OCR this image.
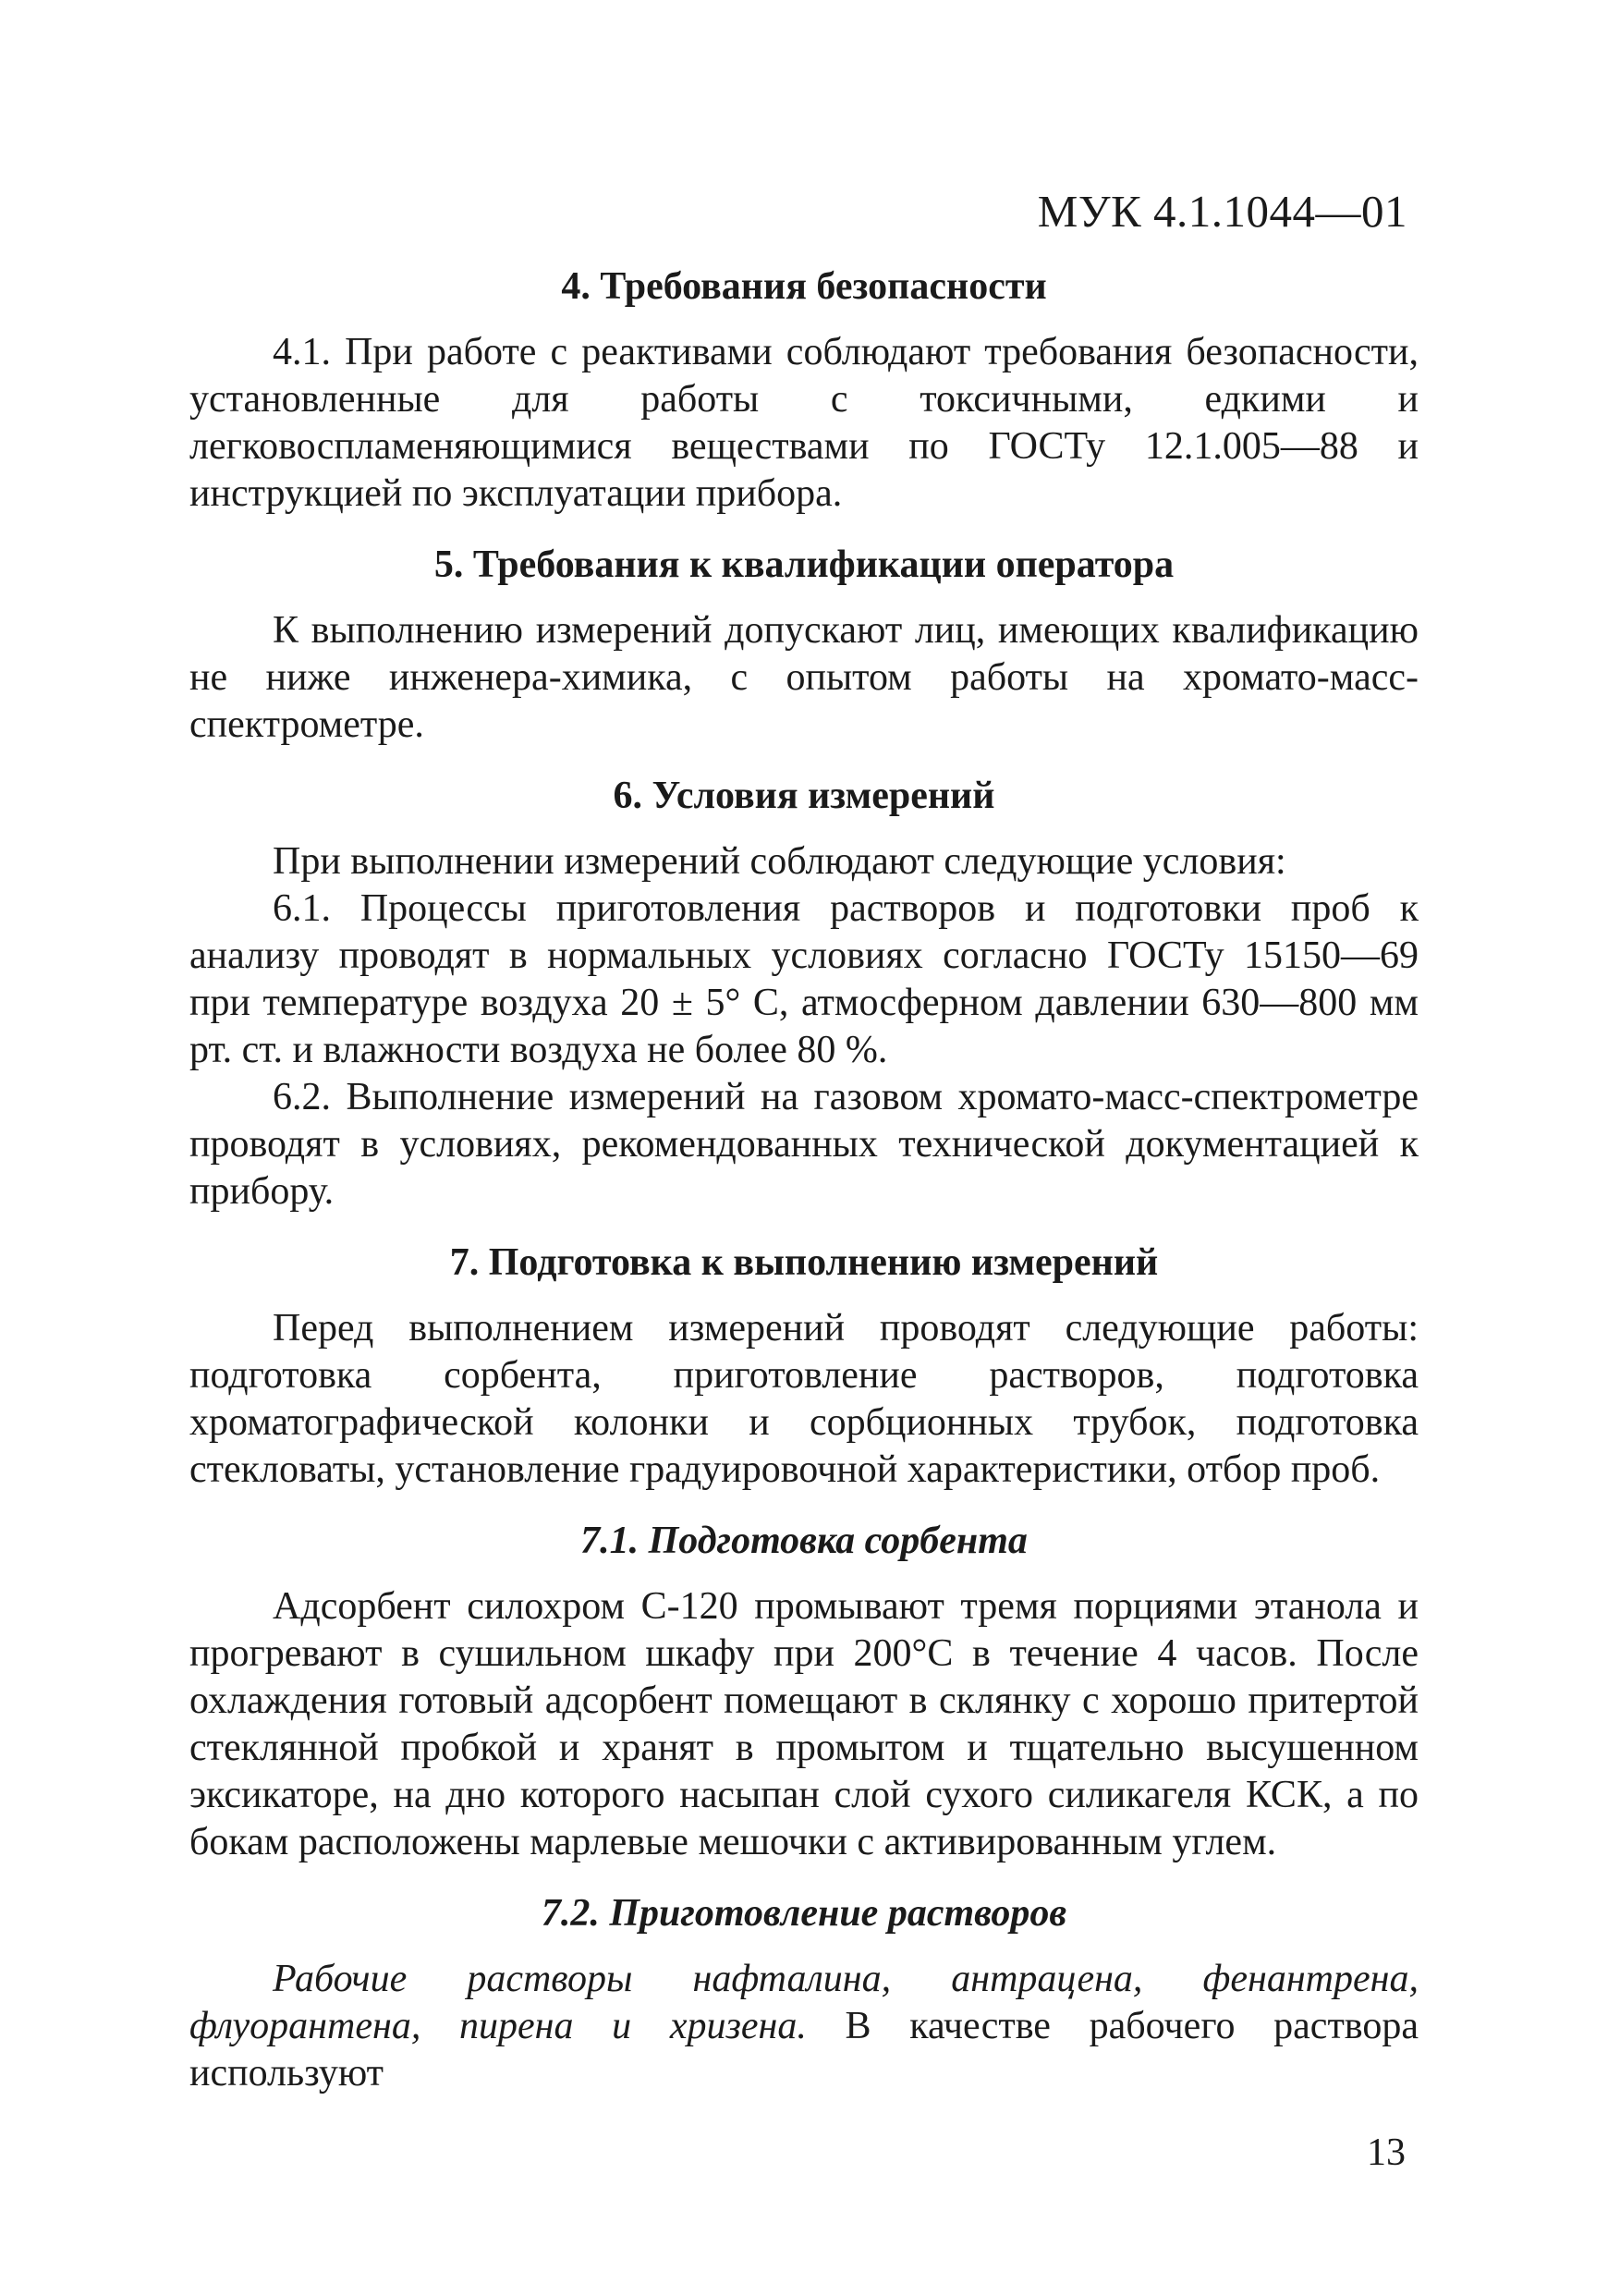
МУК 4.1.1044—01
4. Требования безопасности

4.1. При работе с реактивами соблюдают требования безопасности, установленные для работы с токсичными, едкими и легковоспламеняющимися веществами по ГОСТу 12.1.005—88 и инструкцией по эксплуатации прибора.

5. Требования к квалификации оператора

К выполнению измерений допускают лиц, имеющих квалификацию не ниже инженера-химика, с опытом работы на хромато-масс-спектрометре.

6. Условия измерений

При выполнении измерений соблюдают следующие условия:

6.1. Процессы приготовления растворов и подготовки проб к анализу проводят в нормальных условиях согласно ГОСТу 15150—69 при температуре воздуха 20 ± 5° С, атмосферном давлении 630—800 мм рт. ст. и влажности воздуха не более 80 %.

6.2. Выполнение измерений на газовом хромато-масс-спектрометре проводят в условиях, рекомендованных технической документацией к прибору.

7. Подготовка к выполнению измерений

Перед выполнением измерений проводят следующие работы: подготовка сорбента, приготовление растворов, подготовка хроматографической колонки и сорбционных трубок, подготовка стекловаты, установление градуировочной характеристики, отбор проб.

7.1. Подготовка сорбента

Адсорбент силохром С-120 промывают тремя порциями этанола и прогревают в сушильном шкафу при 200°С в течение 4 часов. После охлаждения готовый адсорбент помещают в склянку с хорошо притертой стеклянной пробкой и хранят в промытом и тщательно высушенном эксикаторе, на дно которого насыпан слой сухого силикагеля КСК, а по бокам расположены марлевые мешочки с активированным углем.

7.2. Приготовление растворов

Рабочие растворы нафталина, антрацена, фенантрена, флуорантена, пирена и хризена. В качестве рабочего раствора используют

13
